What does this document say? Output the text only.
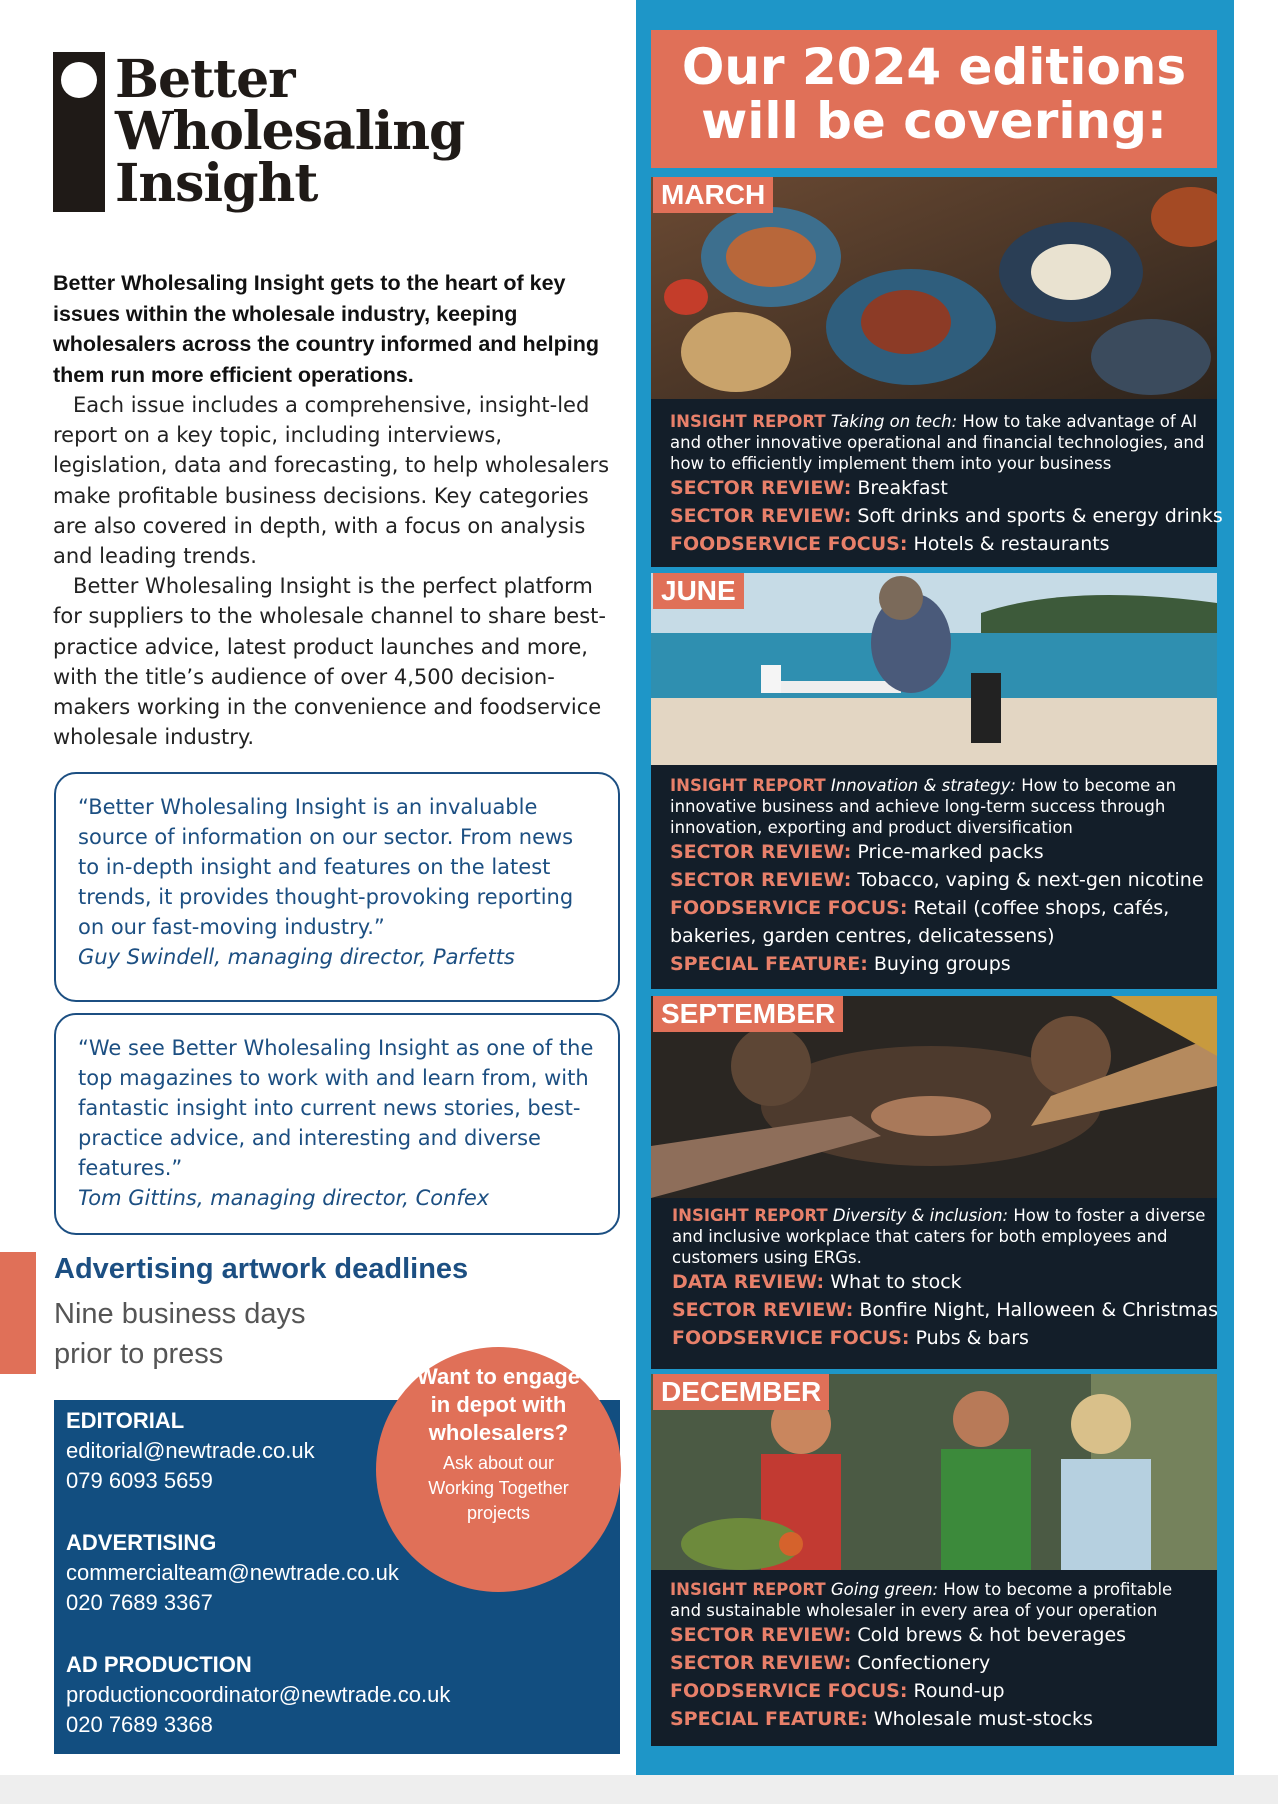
Better
Wholesaling
Insight

Better Wholesaling Insight gets to the heart of key issues within the wholesale industry, keeping wholesalers across the country informed and helping them run more efficient operations.

Each issue includes a comprehensive, insight-led report on a key topic, including interviews, legislation, data and forecasting, to help wholesalers make profitable business decisions. Key categories are also covered in depth, with a focus on analysis and leading trends.

Better Wholesaling Insight is the perfect platform for suppliers to the wholesale channel to share best-practice advice, latest product launches and more, with the title’s audience of over 4,500 decision-makers working in the convenience and foodservice wholesale industry.

“Better Wholesaling Insight is an invaluable source of information on our sector. From news to in-depth insight and features on the latest trends, it provides thought-provoking reporting on our fast-moving industry.”
Guy Swindell, managing director, Parfetts
“We see Better Wholesaling Insight as one of the top magazines to work with and learn from, with fantastic insight into current news stories, best-practice advice, and interesting and diverse features.”
Tom Gittins, managing director, Confex
Advertising artwork deadlines
Nine business days
prior to press
EDITORIAL
editorial@newtrade.co.uk
079 6093 5659
ADVERTISING
commercialteam@newtrade.co.uk
020 7689 3367
AD PRODUCTION
productioncoordinator@newtrade.co.uk
020 7689 3368
Want to engage
in depot with
wholesalers?
Ask about our
Working Together
projects
Our 2024 editions
will be covering:
MARCH
INSIGHT REPORT Taking on tech: How to take advantage of AI and other innovative operational and financial technologies, and how to efficiently implement them into your business
SECTOR REVIEW: Breakfast
SECTOR REVIEW: Soft drinks and sports & energy drinks
FOODSERVICE FOCUS: Hotels & restaurants
JUNE
INSIGHT REPORT Innovation & strategy: How to become an innovative business and achieve long-term success through innovation, exporting and product diversification
SECTOR REVIEW: Price-marked packs
SECTOR REVIEW: Tobacco, vaping & next-gen nicotine
FOODSERVICE FOCUS: Retail (coffee shops, cafés,
bakeries, garden centres, delicatessens)
SPECIAL FEATURE: Buying groups
SEPTEMBER
INSIGHT REPORT Diversity & inclusion: How to foster a diverse and inclusive workplace that caters for both employees and customers using ERGs.
DATA REVIEW: What to stock
SECTOR REVIEW: Bonfire Night, Halloween & Christmas
FOODSERVICE FOCUS: Pubs & bars
DECEMBER
INSIGHT REPORT Going green: How to become a profitable and sustainable wholesaler in every area of your operation
SECTOR REVIEW: Cold brews & hot beverages
SECTOR REVIEW: Confectionery
FOODSERVICE FOCUS: Round-up
SPECIAL FEATURE: Wholesale must-stocks
